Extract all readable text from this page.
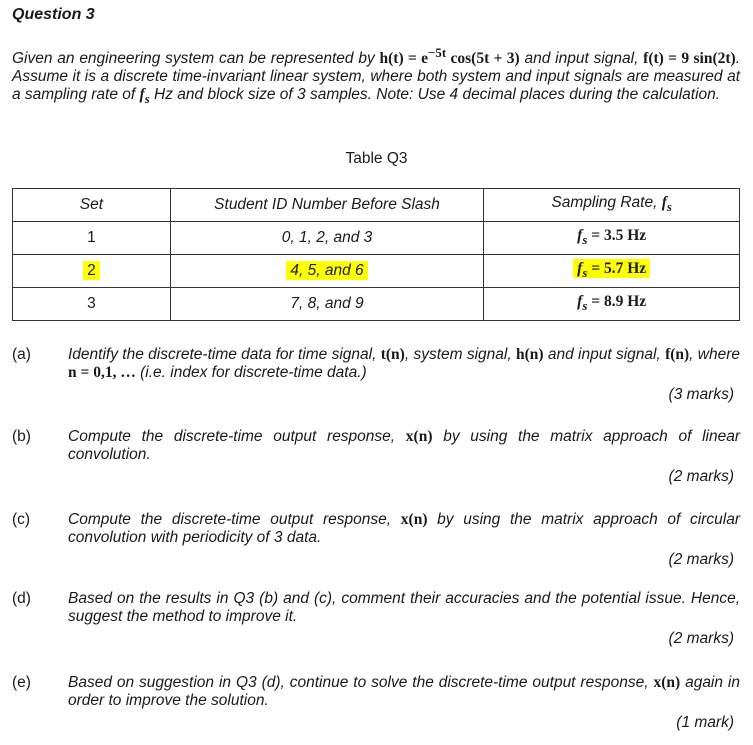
Question 3
Given an engineering system can be represented by $h(t) = e^{-5t}$ cos(5t + 3) and input signal, f(t) = 9 sin(2t). Assume it is a discrete time-invariant linear system, where both system and input signals are measured at a sampling rate of $f_s$ Hz and block size of 3 samples. Note: Use 4 decimal places during the calculation.
Table Q3
Set	Student ID Number Before Slash	Sampling Rate, $f_s$
1	0, 1, 2, and 3	$f_s = 3.5$ Hz
2	4, 5, and 6	$f_s = 5.7$ Hz
3	7, 8, and 9	$f_s = 8.9$ Hz
(a) Identify the discrete-time data for time signal, t(n), system signal, h(n) and input signal, f(n), where n = 0,1, … (i.e. index for discrete-time data.)
(3 marks)
(b) Compute the discrete-time output response, x(n) by using the matrix approach of linear convolution.
(2 marks)
(c) Compute the discrete-time output response, x(n) by using the matrix approach of circular convolution with periodicity of 3 data.
(2 marks)
(d) Based on the results in Q3 (b) and (c), comment their accuracies and the potential issue. Hence, suggest the method to improve it.
(2 marks)
(e) Based on suggestion in Q3 (d), continue to solve the discrete-time output response, x(n) again in order to improve the solution.
(1 mark)
